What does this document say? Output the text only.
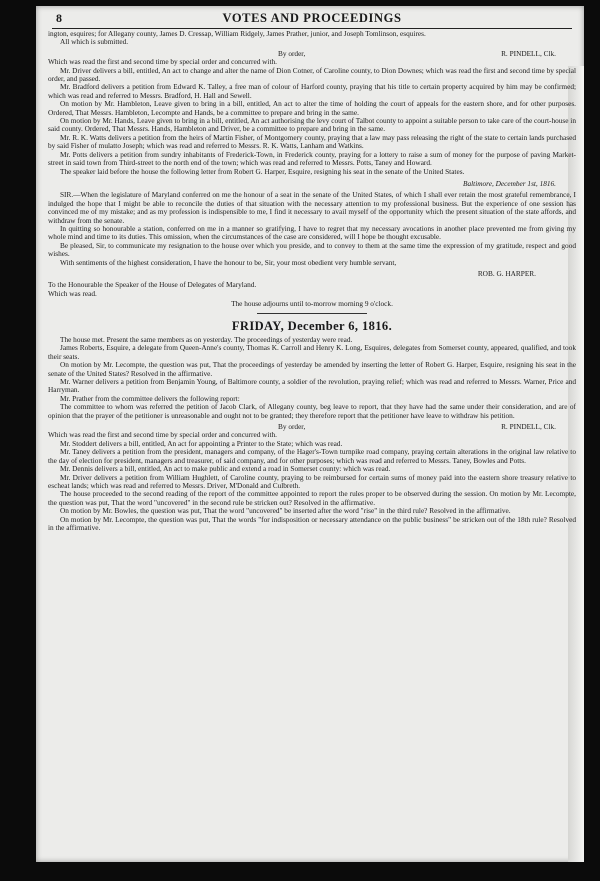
8	VOTES AND PROCEEDINGS

ington, esquires; for Allegany county, James D. Cressap, William Ridgely, James Prather, junior, and Joseph Tomlinson, esquires.

All which is submitted.

By order,	R. PINDELL, Clk.

Which was read the first and second time by special order and concurred with.

Mr. Driver delivers a bill, entitled, An act to change and alter the name of Dion Cotner, of Caroline county, to Dion Downes; which was read the first and second time by special order, and passed.

Mr. Bradford delivers a petition from Edward K. Talley, a free man of colour of Harford county, praying that his title to certain property acquired by him may be confirmed; which was read and referred to Messrs. Bradford, H. Hall and Sewell.

On motion by Mr. Hambleton, Leave given to bring in a bill, entitled, An act to alter the time of holding the court of appeals for the eastern shore, and for other purposes. Ordered, That Messrs. Hambleton, Lecompte and Hands, be a committee to prepare and bring in the same.

On motion by Mr. Hands, Leave given to bring in a bill, entitled, An act authorising the levy court of Talbot county to appoint a suitable person to take care of the court-house in said county. Ordered, That Messrs. Hands, Hambleton and Driver, be a committee to prepare and bring in the same.

Mr. R. K. Watts delivers a petition from the heirs of Martin Fisher, of Montgomery county, praying that a law may pass releasing the right of the state to certain lands purchased by said Fisher of mulatto Joseph; which was read and referred to Messrs. R. K. Watts, Lanham and Watkins.

Mr. Potts delivers a petition from sundry inhabitants of Frederick-Town, in Frederick county, praying for a lottery to raise a sum of money for the purpose of paving Market-street in said town from Third-street to the north end of the town; which was read and referred to Messrs. Potts, Taney and Howard.

The speaker laid before the house the following letter from Robert G. Harper, Esquire, resigning his seat in the senate of the United States.

Baltimore, December 1st, 1816.

SIR.—When the legislature of Maryland conferred on me the honour of a seat in the senate of the United States, of which I shall ever retain the most grateful remembrance, I indulged the hope that I might be able to reconcile the duties of that situation with the necessary attention to my professional business. But the experience of one session has convinced me of my mistake; and as my profession is indispensible to me, I find it necessary to avail myself of the opportunity which the present situation of the state affords, and withdraw from the senate.

In quitting so honourable a station, conferred on me in a manner so gratifying, I have to regret that my necessary avocations in another place prevented me from giving my whole mind and time to its duties. This omission, when the circumstances of the case are considered, will I hope be thought excusable.

Be pleased, Sir, to communicate my resignation to the house over which you preside, and to convey to them at the same time the expression of my gratitude, respect and good wishes.

With sentiments of the highest consideration, I have the honour to be, Sir, your most obedient very humble servant,

ROB. G. HARPER.

To the Honourable the Speaker of the House of Delegates of Maryland.

Which was read.

The house adjourns until to-morrow morning 9 o'clock.

FRIDAY, December 6, 1816.

The house met. Present the same members as on yesterday. The proceedings of yesterday were read.

James Roberts, Esquire, a delegate from Queen-Anne's county, Thomas K. Carroll and Henry K. Long, Esquires, delegates from Somerset county, appeared, qualified, and took their seats.

On motion by Mr. Lecompte, the question was put, That the proceedings of yesterday be amended by inserting the letter of Robert G. Harper, Esquire, resigning his seat in the senate of the United States? Resolved in the affirmative.

Mr. Warner delivers a petition from Benjamin Young, of Baltimore county, a soldier of the revolution, praying relief; which was read and referred to Messrs. Warner, Price and Harryman.

Mr. Prather from the committee delivers the following report:

The committee to whom was referred the petition of Jacob Clark, of Allegany county, beg leave to report, that they have had the same under their consideration, and are of opinion that the prayer of the petitioner is unreasonable and ought not to be granted; they therefore report that the petitioner have leave to withdraw his petition.

By order,	R. PINDELL, Clk.

Which was read the first and second time by special order and concurred with.

Mr. Stoddert delivers a bill, entitled, An act for appointing a Printer to the State; which was read.

Mr. Taney delivers a petition from the president, managers and company, of the Hager's-Town turnpike road company, praying certain alterations in the original law relative to the day of election for president, managers and treasurer, of said company, and for other purposes; which was read and referred to Messrs. Taney, Bowles and Potts.

Mr. Dennis delivers a bill, entitled, An act to make public and extend a road in Somerset county: which was read.

Mr. Driver delivers a petition from William Hughlett, of Caroline county, praying to be reimbursed for certain sums of money paid into the eastern shore treasury relative to escheat lands; which was read and referred to Messrs. Driver, M'Donald and Culbreth.

The house proceeded to the second reading of the report of the committee appointed to report the rules proper to be observed during the session. On motion by Mr. Lecompte, the question was put, That the word "uncovered" in the second rule be stricken out? Resolved in the affirmative.

On motion by Mr. Bowles, the question was put, That the word "uncovered" be inserted after the word "rise" in the third rule? Resolved in the affirmative.

On motion by Mr. Lecompte, the question was put, That the words "for indisposition or necessary attendance on the public business" be stricken out of the 18th rule? Resolved in the affirmative.
